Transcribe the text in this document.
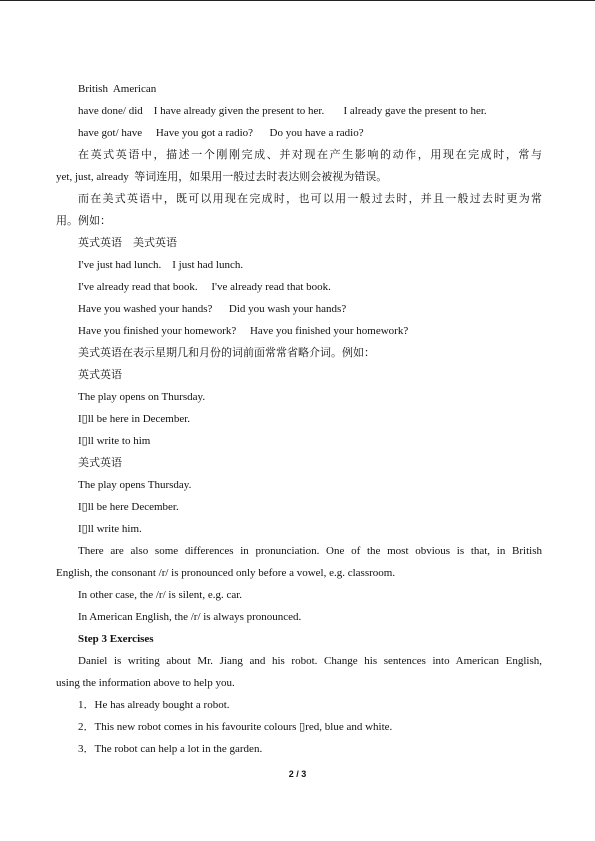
British  American
have done/ did    I have already given the present to her.       I already gave the present to her.
have got/ have     Have you got a radio?      Do you have a radio?
在英式英语中，描述一个刚刚完成、并对现在产生影响的动作，用现在完成时，常与
yet, just, already  等词连用，如果用一般过去时表达则会被视为错误。
而在美式英语中，既可以用现在完成时，也可以用一般过去时，并且一般过去时更为常
用。例如：
英式英语    美式英语
I've just had lunch.    I just had lunch.
I've already read that book.     I've already read that book.
Have you washed your hands?      Did you wash your hands?
Have you finished your homework?     Have you finished your homework?
美式英语在表示星期几和月份的词前面常常省略介词。例如：
英式英语
The play opens on Thursday.
I▯ll be here in December.
I▯ll write to him
美式英语
The play opens Thursday.
I▯ll be here December.
I▯ll write him.
There are also some differences in pronunciation. One of the most obvious is that, in British
English, the consonant /r/ is pronounced only before a vowel, e.g. classroom.
In other case, the /r/ is silent, e.g. car.
In American English, the /r/ is always pronounced.
Step 3 Exercises
Daniel is writing about Mr. Jiang and his robot. Change his sentences into American English,
using the information above to help you.
1．He has already bought a robot.
2．This new robot comes in his favourite colours ▯red, blue and white.
3．The robot can help a lot in the garden.
2 / 3
